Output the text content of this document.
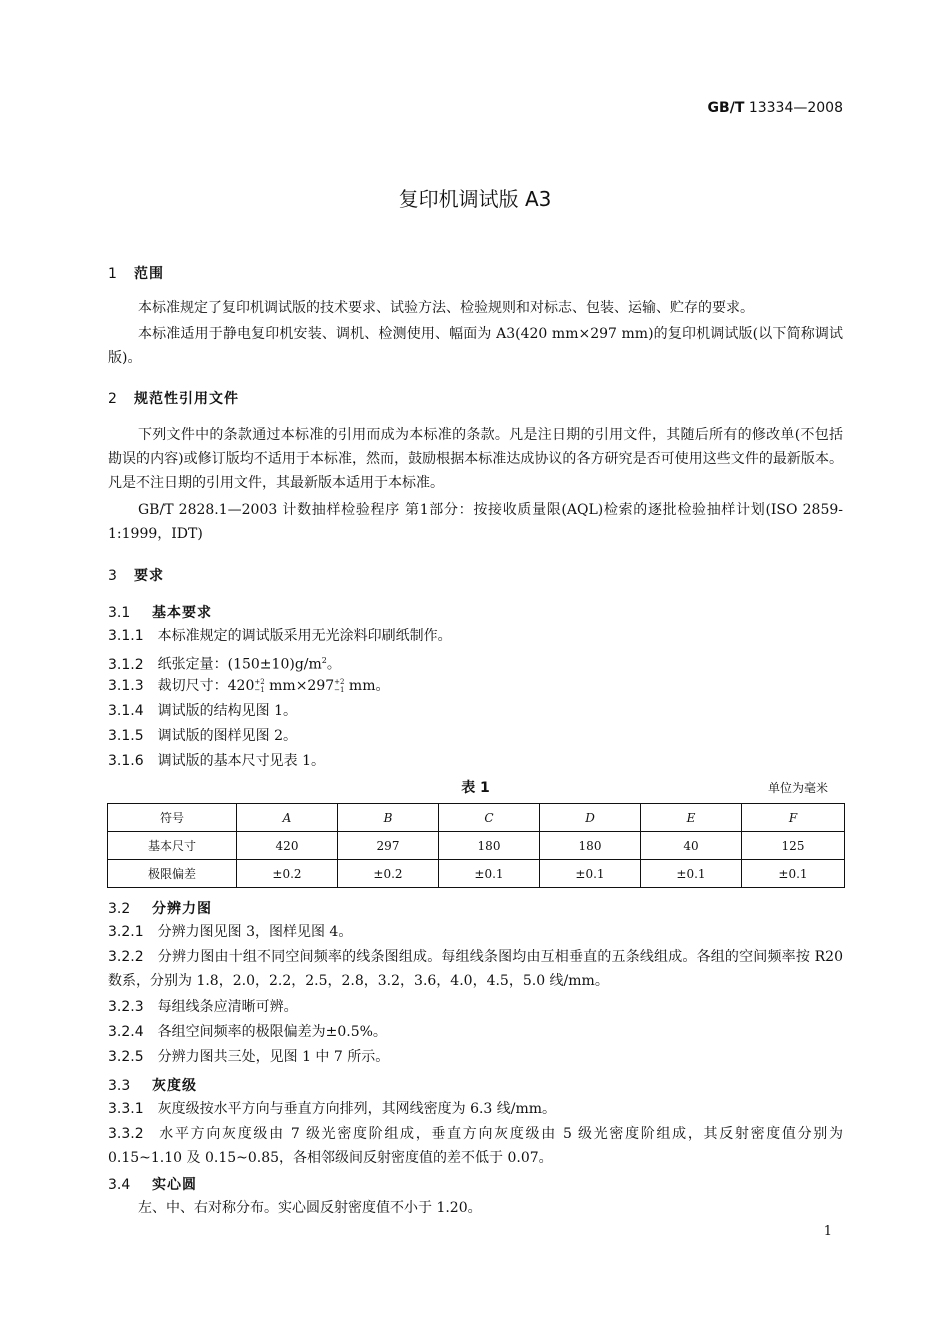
GB/T 13334—2008
复印机调试版 A3
1 范围
本标准规定了复印机调试版的技术要求、试验方法、检验规则和对标志、包装、运输、贮存的要求。
本标准适用于静电复印机安装、调机、检测使用、幅面为 A3(420 mm×297 mm)的复印机调试版(以下简称调试版)。
2 规范性引用文件
下列文件中的条款通过本标准的引用而成为本标准的条款。凡是注日期的引用文件，其随后所有的修改单(不包括勘误的内容)或修订版均不适用于本标准，然而，鼓励根据本标准达成协议的各方研究是否可使用这些文件的最新版本。凡是不注日期的引用文件，其最新版本适用于本标准。
GB/T 2828.1—2003 计数抽样检验程序 第1部分：按接收质量限(AQL)检索的逐批检验抽样计划(ISO 2859-1:1999，IDT)
3 要求
3.1 基本要求
3.1.1 本标准规定的调试版采用无光涂料印刷纸制作。
3.1.2 纸张定量：$(150\pm 10)g/m^2$。
3.1.3 裁切尺寸：420 +2
−1 mm×297 +2
−1 mm。
3.1.4 调试版的结构见图 1。
3.1.5 调试版的图样见图 2。
3.1.6 调试版的基本尺寸见表 1。
表 1	单位为毫米
符号	A	B	C	D	E	F
基本尺寸	420	297	180	180	40	125
极限偏差	±0.2	±0.2	±0.1	±0.1	±0.1	±0.1
3.2 分辨力图
3.2.1 分辨力图见图 3，图样见图 4。
3.2.2 分辨力图由十组不同空间频率的线条图组成。每组线条图均由互相垂直的五条线组成。各组的空间频率按 R20 数系，分别为 1.8，2.0，2.2，2.5，2.8，3.2，3.6，4.0，4.5，5.0 线/mm。
3.2.3 每组线条应清晰可辨。
3.2.4 各组空间频率的极限偏差为±0.5%。
3.2.5 分辨力图共三处，见图 1 中 7 所示。
3.3 灰度级
3.3.1 灰度级按水平方向与垂直方向排列，其网线密度为 6.3 线/mm。
3.3.2 水平方向灰度级由 7 级光密度阶组成，垂直方向灰度级由 5 级光密度阶组成，其反射密度值分别为 0.15~1.10 及 0.15~0.85，各相邻级间反射密度值的差不低于 0.07。
3.4 实心圆
左、中、右对称分布。实心圆反射密度值不小于 1.20。
1
